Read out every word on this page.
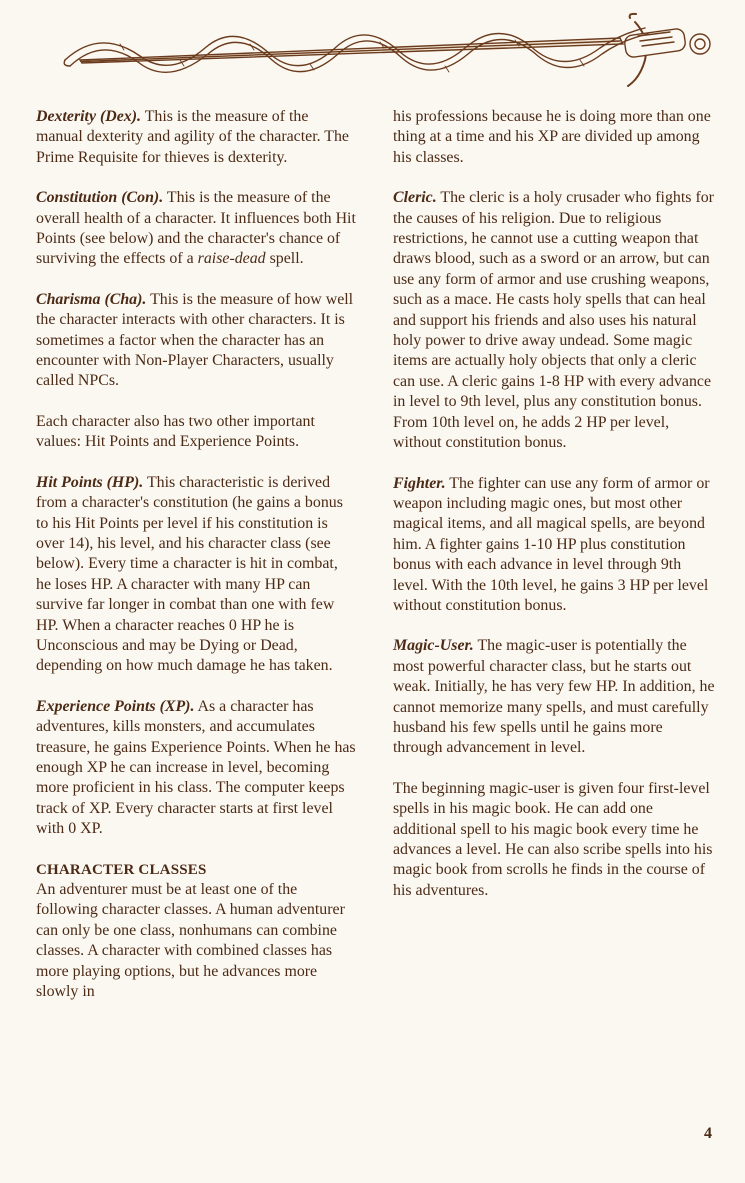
Dexterity (Dex). This is the measure of the manual dexterity and agility of the character. The Prime Requisite for thieves is dexterity.

Constitution (Con). This is the measure of the overall health of a character. It influences both Hit Points (see below) and the character's chance of surviving the effects of a raise-dead spell.

Charisma (Cha). This is the measure of how well the character interacts with other characters. It is sometimes a factor when the character has an encounter with Non-Player Characters, usually called NPCs.

Each character also has two other important values: Hit Points and Experience Points.

Hit Points (HP). This characteristic is derived from a character's constitution (he gains a bonus to his Hit Points per level if his constitution is over 14), his level, and his character class (see below). Every time a character is hit in combat, he loses HP. A character with many HP can survive far longer in combat than one with few HP. When a character reaches 0 HP he is Unconscious and may be Dying or Dead, depending on how much damage he has taken.

Experience Points (XP). As a character has adventures, kills monsters, and accumulates treasure, he gains Experience Points. When he has enough XP he can increase in level, becoming more proficient in his class. The computer keeps track of XP. Every character starts at first level with 0 XP.

CHARACTER CLASSES
An adventurer must be at least one of the following character classes. A human adventurer can only be one class, nonhumans can combine classes. A character with combined classes has more playing options, but he advances more slowly in

his professions because he is doing more than one thing at a time and his XP are divided up among his classes.

Cleric. The cleric is a holy crusader who fights for the causes of his religion. Due to religious restrictions, he cannot use a cutting weapon that draws blood, such as a sword or an arrow, but can use any form of armor and use crushing weapons, such as a mace. He casts holy spells that can heal and support his friends and also uses his natural holy power to drive away undead. Some magic items are actually holy objects that only a cleric can use. A cleric gains 1-8 HP with every advance in level to 9th level, plus any constitution bonus. From 10th level on, he adds 2 HP per level, without constitution bonus.

Fighter. The fighter can use any form of armor or weapon including magic ones, but most other magical items, and all magical spells, are beyond him. A fighter gains 1-10 HP plus constitution bonus with each advance in level through 9th level. With the 10th level, he gains 3 HP per level without constitution bonus.

Magic-User. The magic-user is potentially the most powerful character class, but he starts out weak. Initially, he has very few HP. In addition, he cannot memorize many spells, and must carefully husband his few spells until he gains more through advancement in level.

The beginning magic-user is given four first-level spells in his magic book. He can add one additional spell to his magic book every time he advances a level. He can also scribe spells into his magic book from scrolls he finds in the course of his adventures.

4
